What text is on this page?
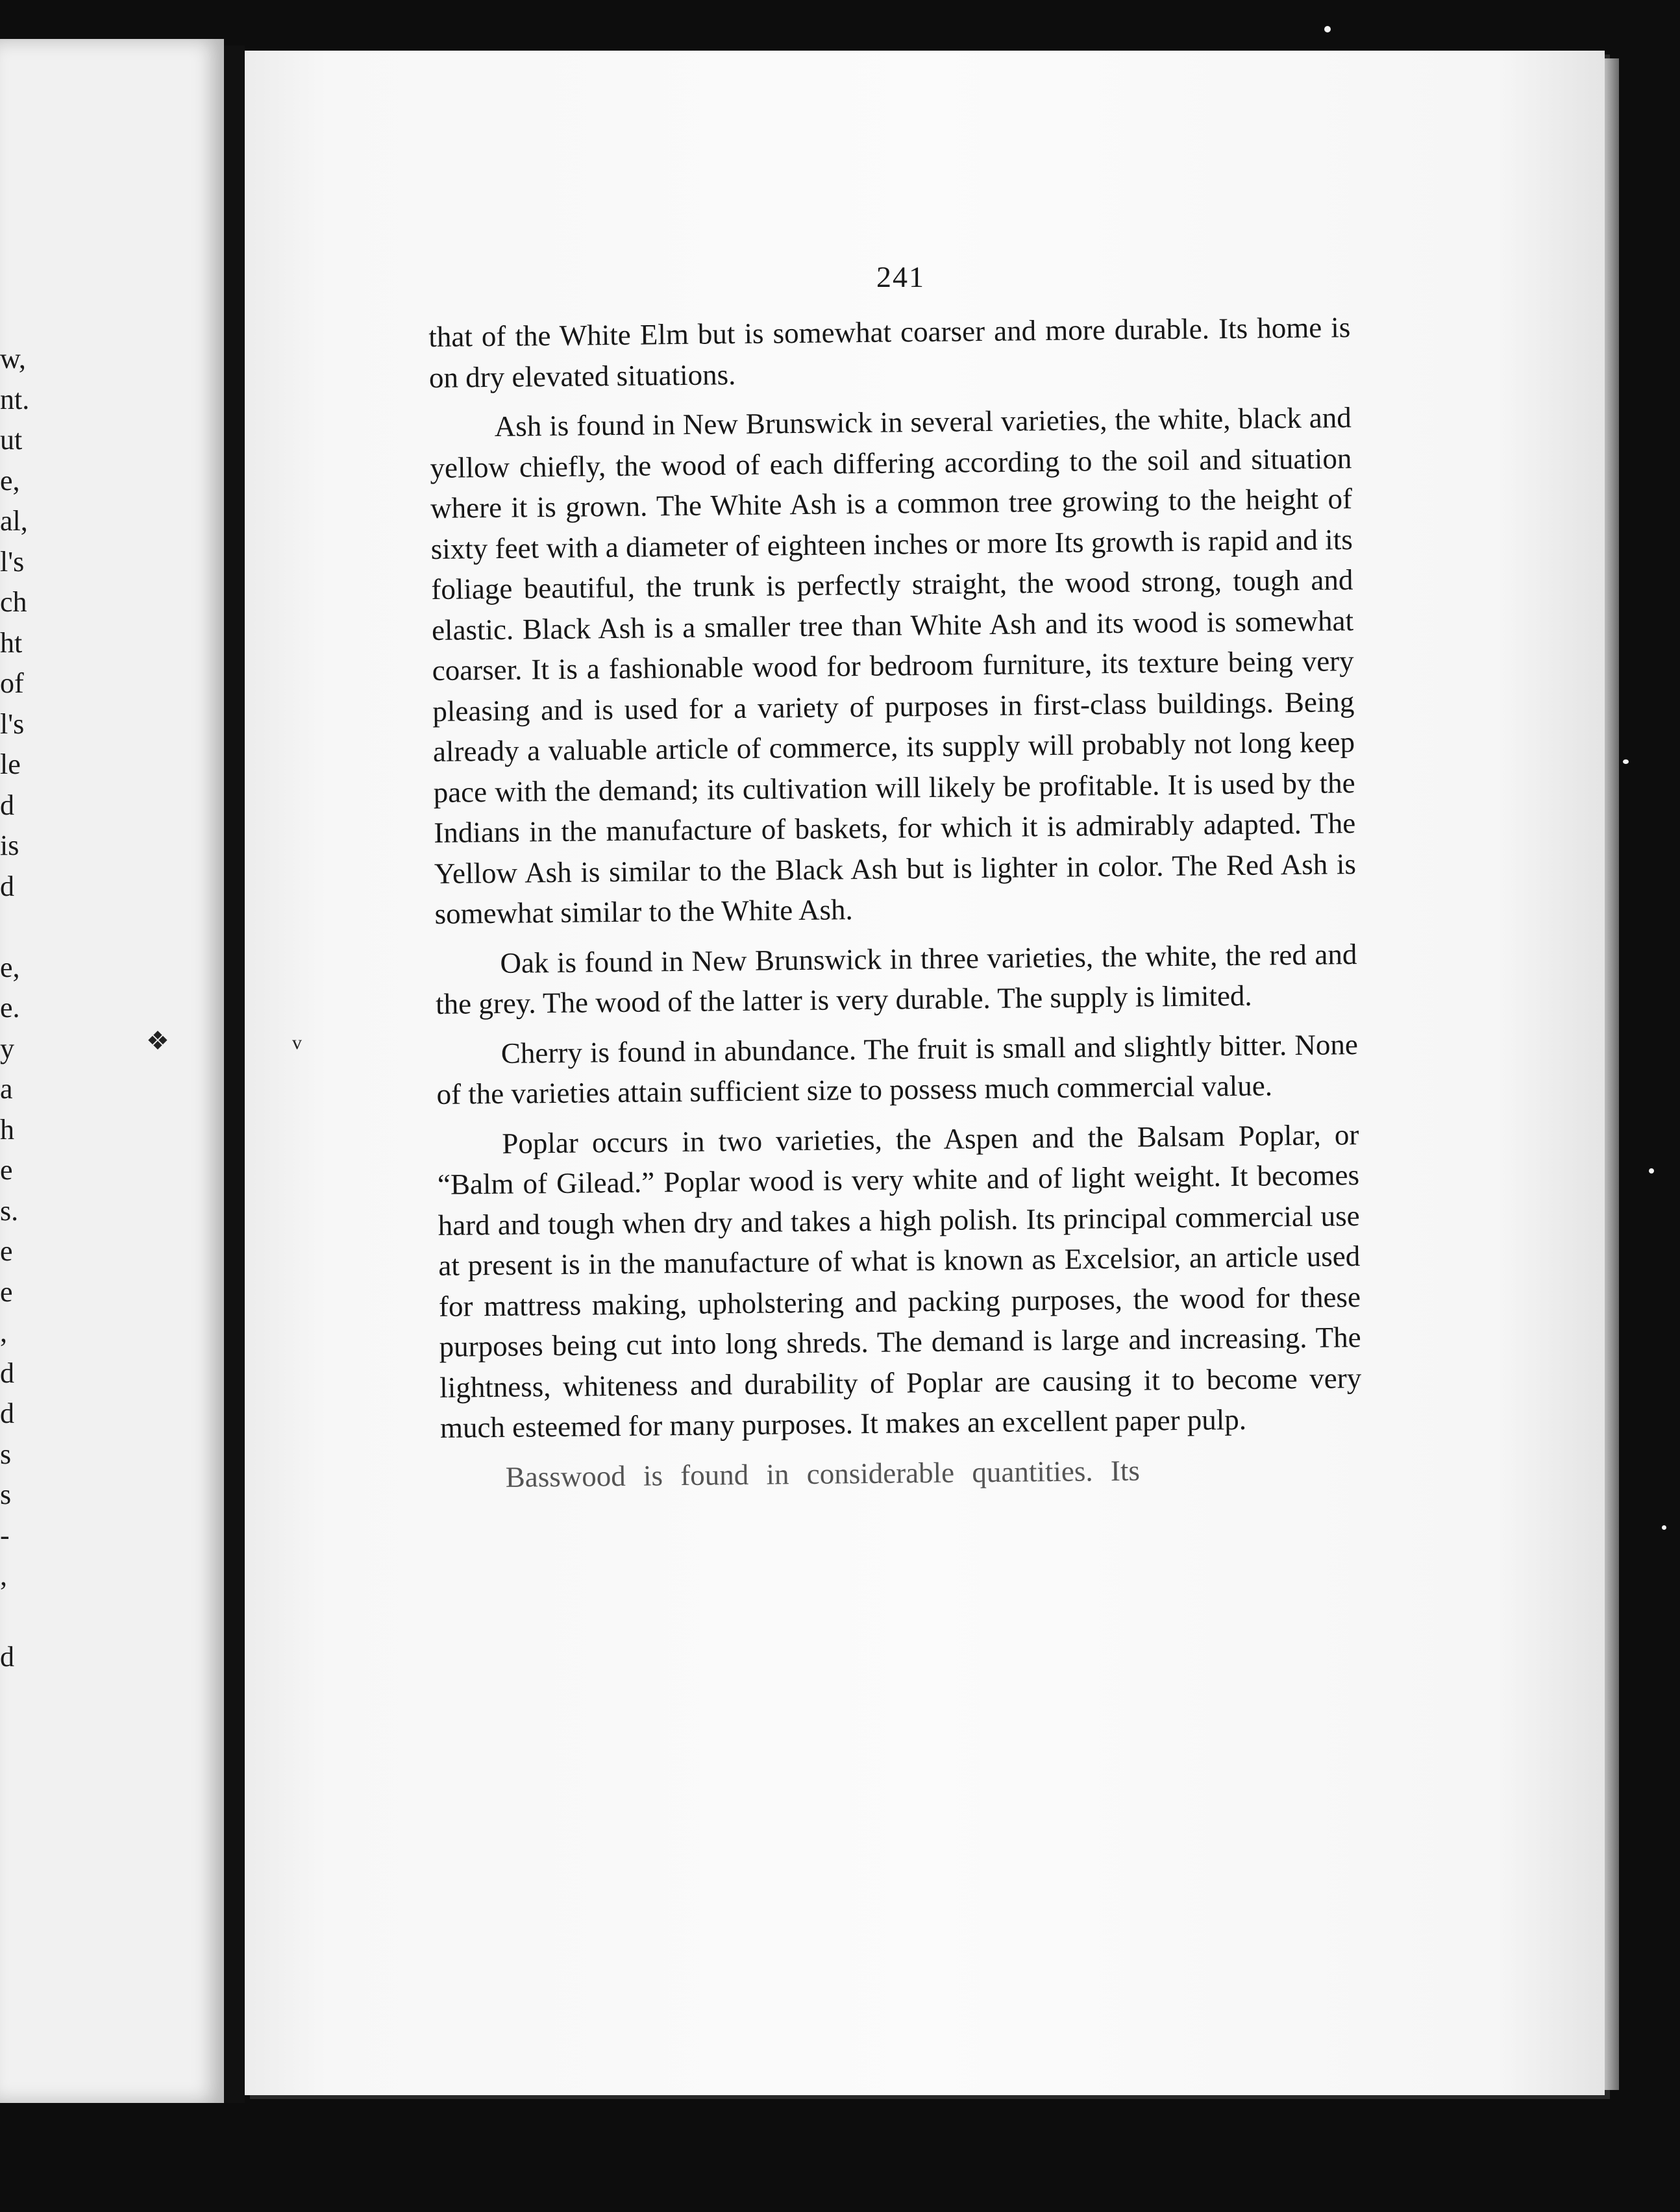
w,
nt.
ut
e,
al,
l's
ch
ht
of
l's
le
d
is
d
e,
e.
y
a
h
e
s.
e
e
,
d
d
s
s
-
,
d
241

that of the White Elm but is somewhat coarser and more durable. Its home is on dry elevated situations.

Ash is found in New Brunswick in several varieties, the white, black and yellow chiefly, the wood of each differing according to the soil and situation where it is grown. The White Ash is a common tree growing to the height of sixty feet with a diameter of eighteen inches or more Its growth is rapid and its foliage beautiful, the trunk is perfectly straight, the wood strong, tough and elastic. Black Ash is a smaller tree than White Ash and its wood is somewhat coarser. It is a fashionable wood for bedroom furniture, its texture being very pleasing and is used for a variety of purposes in first-class buildings. Being already a valuable article of commerce, its supply will probably not long keep pace with the demand; its cultivation will likely be profitable. It is used by the Indians in the manufacture of baskets, for which it is admirably adapted. The Yellow Ash is similar to the Black Ash but is lighter in color. The Red Ash is somewhat similar to the White Ash.

Oak is found in New Brunswick in three varieties, the white, the red and the grey. The wood of the latter is very durable. The supply is limited.

Cherry is found in abundance. The fruit is small and slightly bitter. None of the varieties attain sufficient size to possess much commercial value.

Poplar occurs in two varieties, the Aspen and the Balsam Poplar, or “Balm of Gilead.” Poplar wood is very white and of light weight. It becomes hard and tough when dry and takes a high polish. Its principal commercial use at present is in the manufacture of what is known as Excelsior, an article used for mattress making, upholstering and packing purposes, the wood for these purposes being cut into long shreds. The demand is large and increasing. The lightness, whiteness and durability of Poplar are causing it to become very much esteemed for many purposes. It makes an excellent paper pulp.

Basswood is found in considerable quantities. Its

❖	v
